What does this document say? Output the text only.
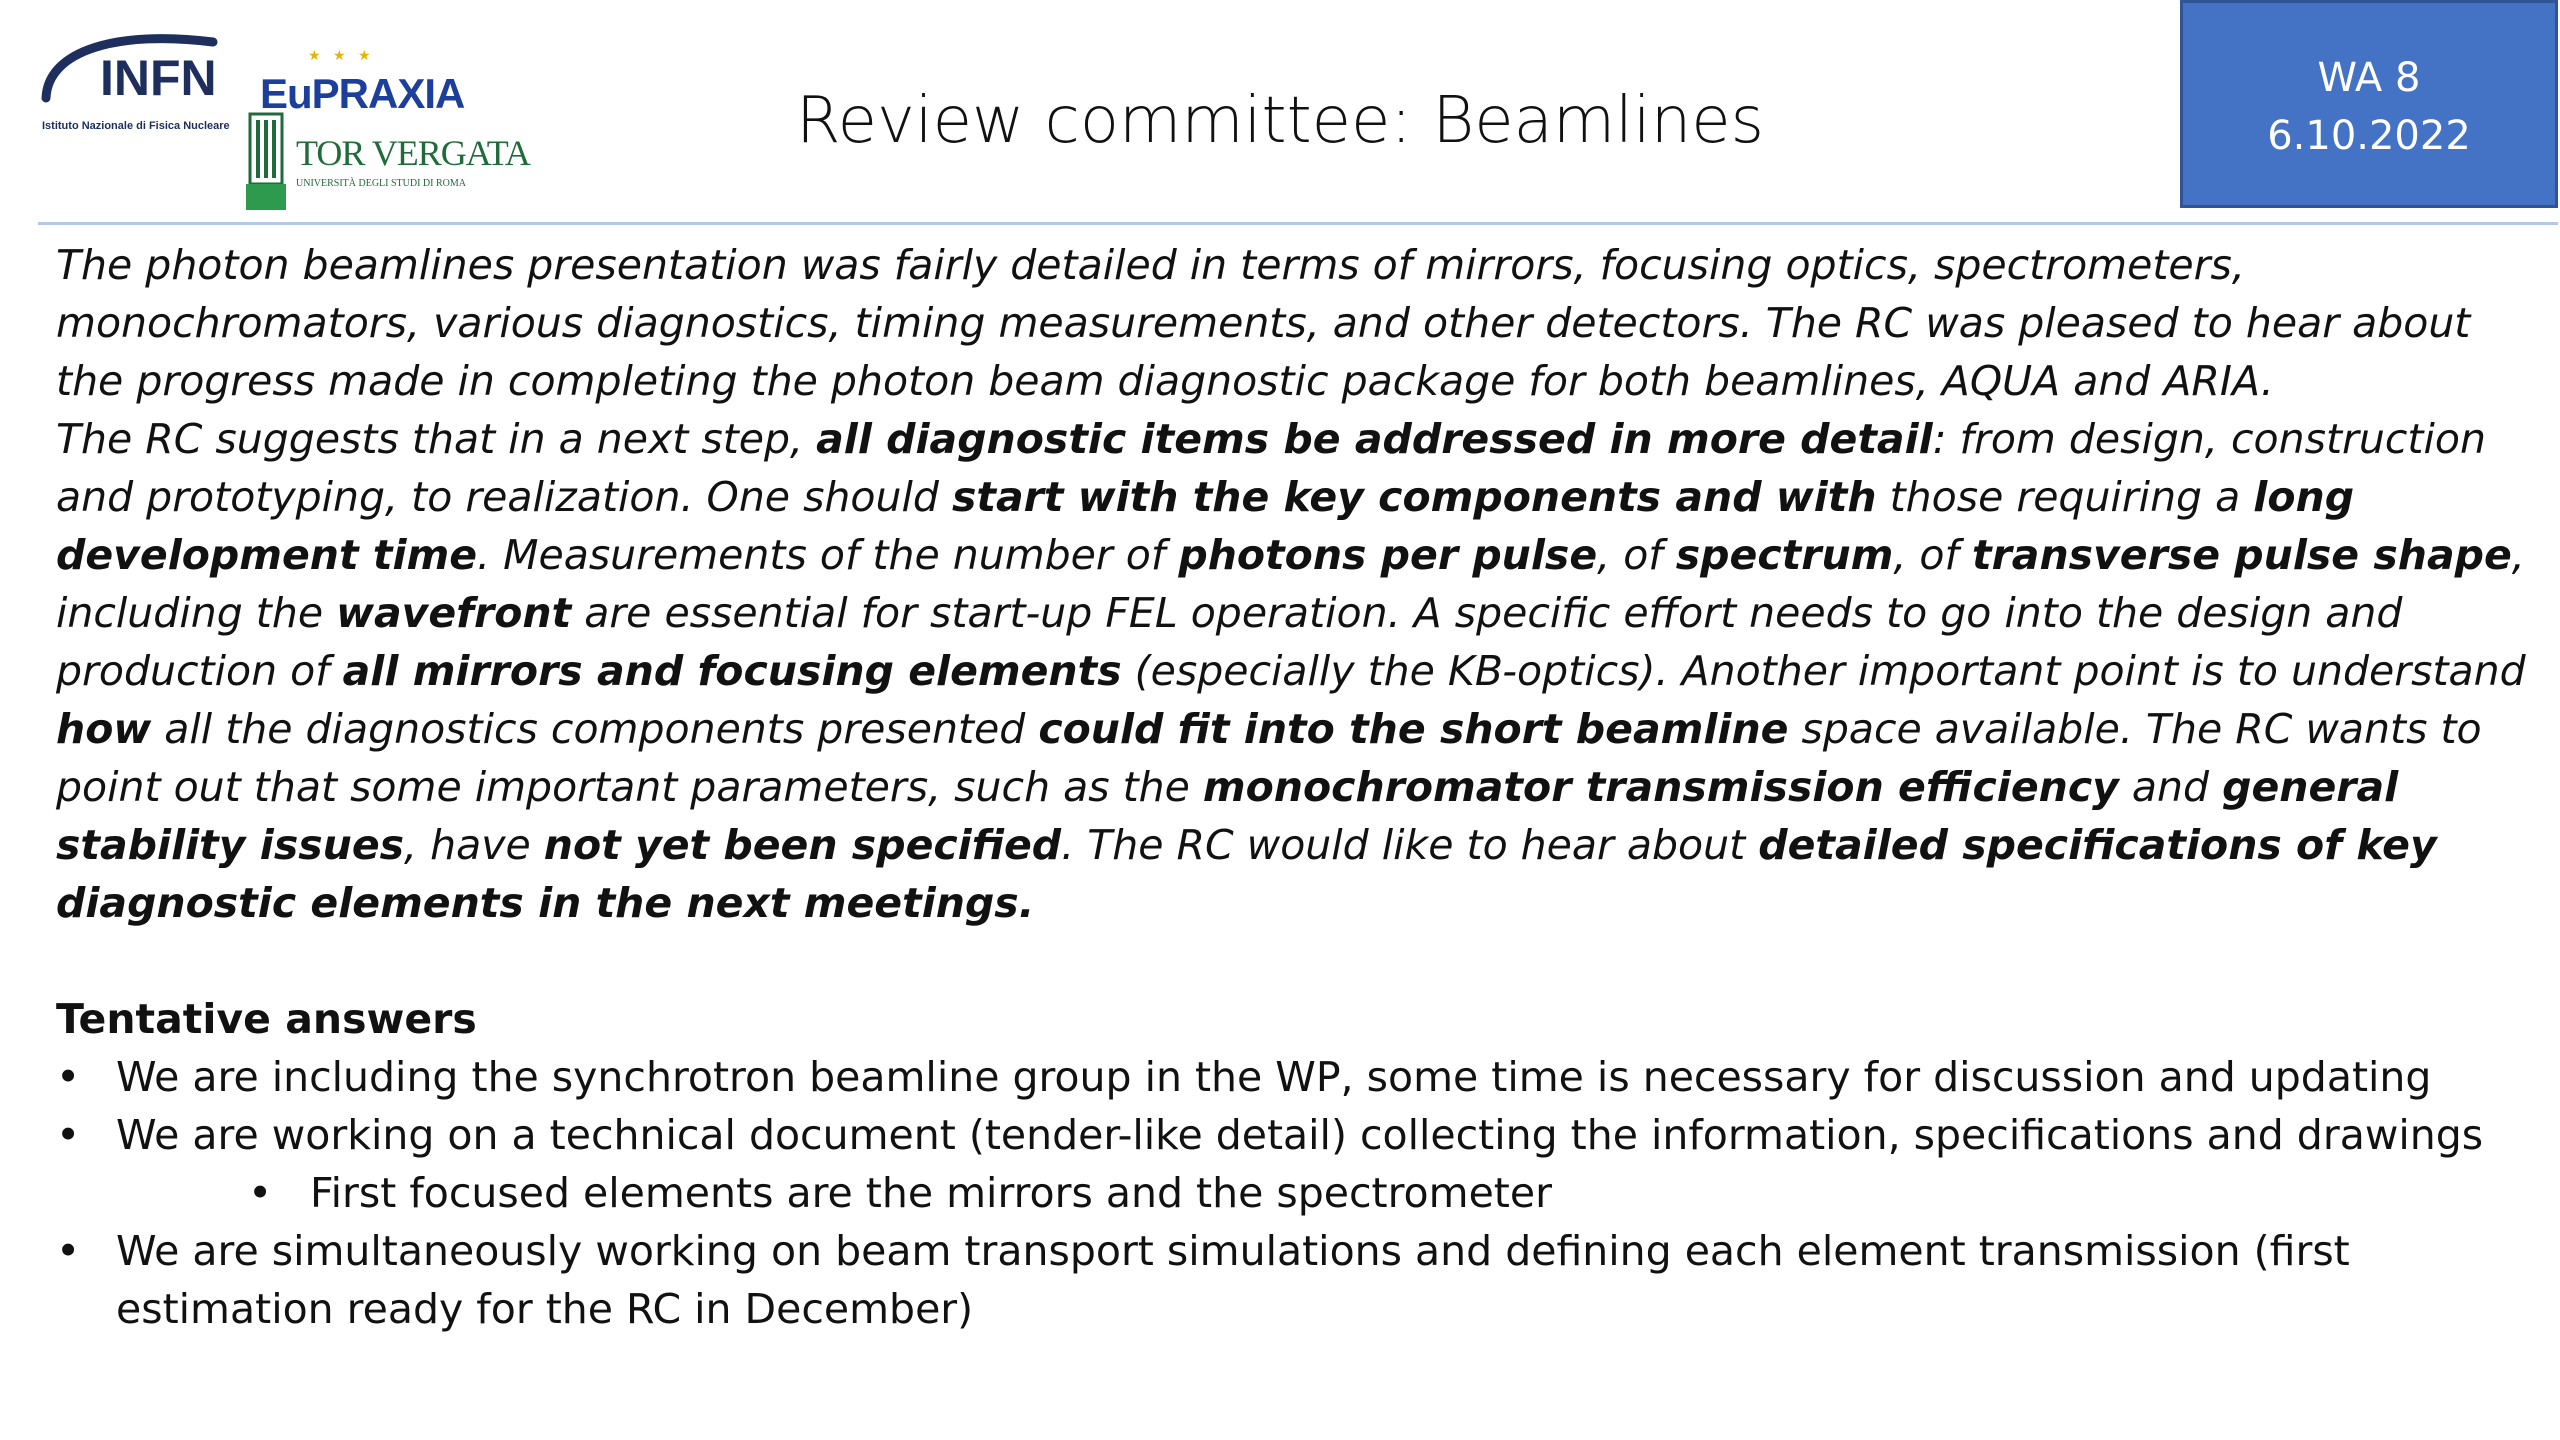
INFN
Istituto Nazionale di Fisica Nucleare
★ ★ ★
EuPRAXIA
TOR VERGATA
UNIVERSITÀ DEGLI STUDI DI ROMA
Review committee: Beamlines
WA 8
6.10.2022

The photon beamlines presentation was fairly detailed in terms of mirrors, focusing optics, spectrometers, monochromators, various diagnostics, timing measurements, and other detectors. The RC was pleased to hear about the progress made in completing the photon beam diagnostic package for both beamlines, AQUA and ARIA.

The RC suggests that in a next step, all diagnostic items be addressed in more detail: from design, construction and prototyping, to realization. One should start with the key components and with those requiring a long development time. Measurements of the number of photons per pulse, of spectrum, of transverse pulse shape, including the wavefront are essential for start-up FEL operation. A specific effort needs to go into the design and production of all mirrors and focusing elements (especially the KB-optics). Another important point is to understand how all the diagnostics components presented could fit into the short beamline space available. The RC wants to point out that some important parameters, such as the monochromator transmission efficiency and general stability issues, have not yet been specified. The RC would like to hear about detailed specifications of key diagnostic elements in the next meetings.

Tentative answers
• We are including the synchrotron beamline group in the WP, some time is necessary for discussion and updating
• We are working on a technical document (tender-like detail) collecting the information, specifications and drawings
• First focused elements are the mirrors and the spectrometer
• We are simultaneously working on beam transport simulations and defining each element transmission (first estimation ready for the RC in December)
